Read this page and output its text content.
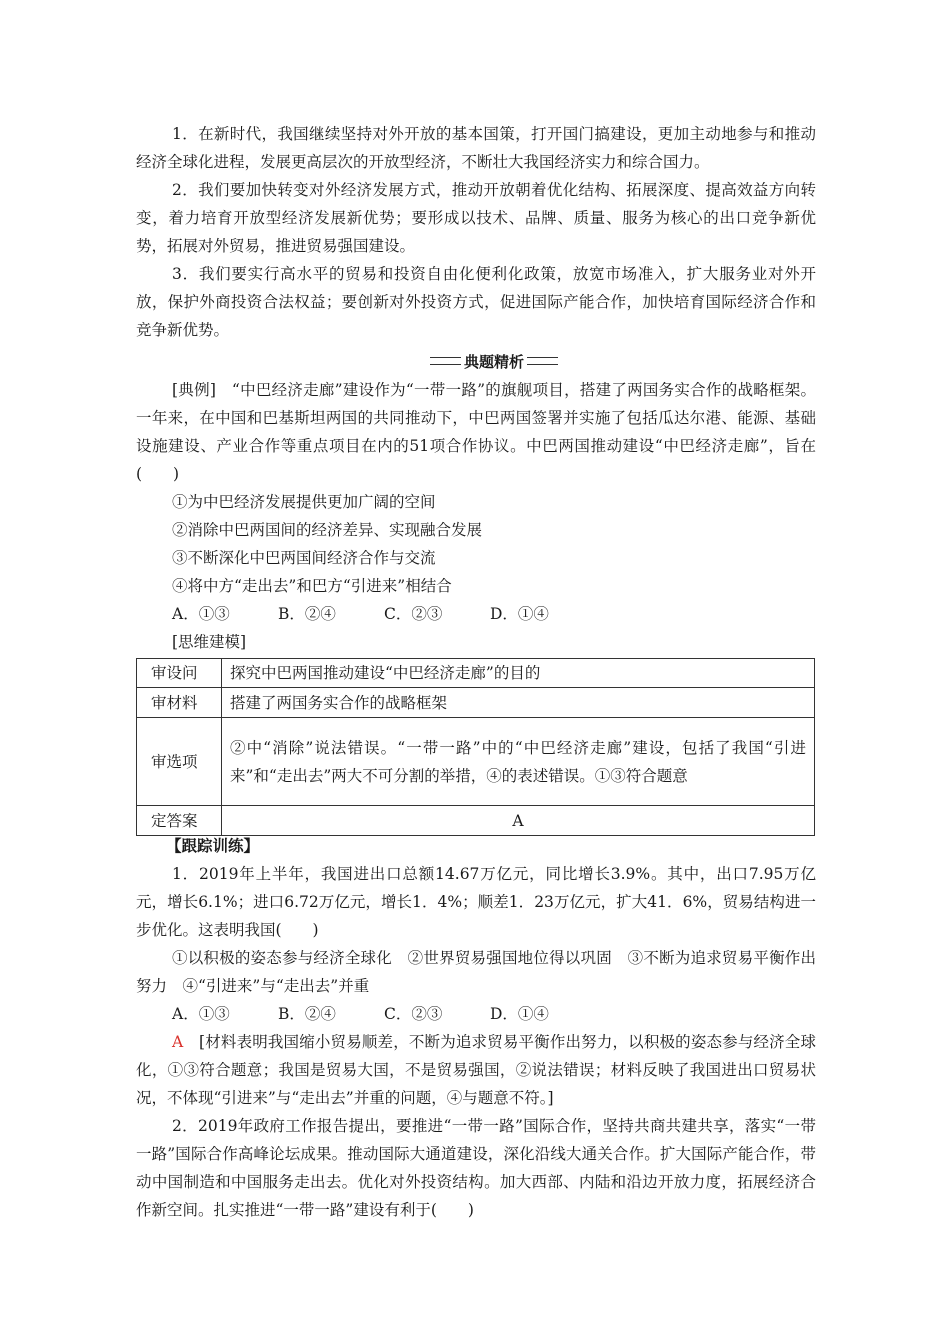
1．在新时代，我国继续坚持对外开放的基本国策，打开国门搞建设，更加主动地参与和推动经济全球化进程，发展更高层次的开放型经济，不断壮大我国经济实力和综合国力。

2．我们要加快转变对外经济发展方式，推动开放朝着优化结构、拓展深度、提高效益方向转变，着力培育开放型经济发展新优势；要形成以技术、品牌、质量、服务为核心的出口竞争新优势，拓展对外贸易，推进贸易强国建设。

3．我们要实行高水平的贸易和投资自由化便利化政策，放宽市场准入，扩大服务业对外开放，保护外商投资合法权益；要创新对外投资方式，促进国际产能合作，加快培育国际经济合作和竞争新优势。

典题精析

[典例]　“中巴经济走廊”建设作为“一带一路”的旗舰项目，搭建了两国务实合作的战略框架。一年来，在中国和巴基斯坦两国的共同推动下，中巴两国签署并实施了包括瓜达尔港、能源、基础设施建设、产业合作等重点项目在内的51项合作协议。中巴两国推动建设“中巴经济走廊”，旨在(　　)

①为中巴经济发展提供更加广阔的空间

②消除中巴两国间的经济差异、实现融合发展

③不断深化中巴两国间经济合作与交流

④将中方“走出去”和巴方“引进来”相结合

A．①③	B．②④	C．②③	D．①④

[思维建模]

审设问	探究中巴两国推动建设“中巴经济走廊”的目的
审材料	搭建了两国务实合作的战略框架
审选项	②中“消除”说法错误。“一带一路”中的“中巴经济走廊”建设，包括了我国“引进来”和“走出去”两大不可分割的举措，④的表述错误。①③符合题意
定答案	A

【跟踪训练】

1．2019年上半年，我国进出口总额14.67万亿元，同比增长3.9%。其中，出口7.95万亿元，增长6.1%；进口6.72万亿元，增长1．4%；顺差1．23万亿元，扩大41．6%，贸易结构进一步优化。这表明我国(　　)

①以积极的姿态参与经济全球化　②世界贸易强国地位得以巩固　③不断为追求贸易平衡作出努力　④“引进来”与“走出去”并重

A．①③	B．②④	C．②③	D．①④

A　 [材料表明我国缩小贸易顺差，不断为追求贸易平衡作出努力，以积极的姿态参与经济全球化，①③符合题意；我国是贸易大国，不是贸易强国，②说法错误；材料反映了我国进出口贸易状况，不体现“引进来”与“走出去”并重的问题，④与题意不符。]

2．2019年政府工作报告提出，要推进“一带一路”国际合作，坚持共商共建共享，落实“一带一路”国际合作高峰论坛成果。推动国际大通道建设，深化沿线大通关合作。扩大国际产能合作，带动中国制造和中国服务走出去。优化对外投资结构。加大西部、内陆和沿边开放力度，拓展经济合作新空间。扎实推进“一带一路”建设有利于(　　)
